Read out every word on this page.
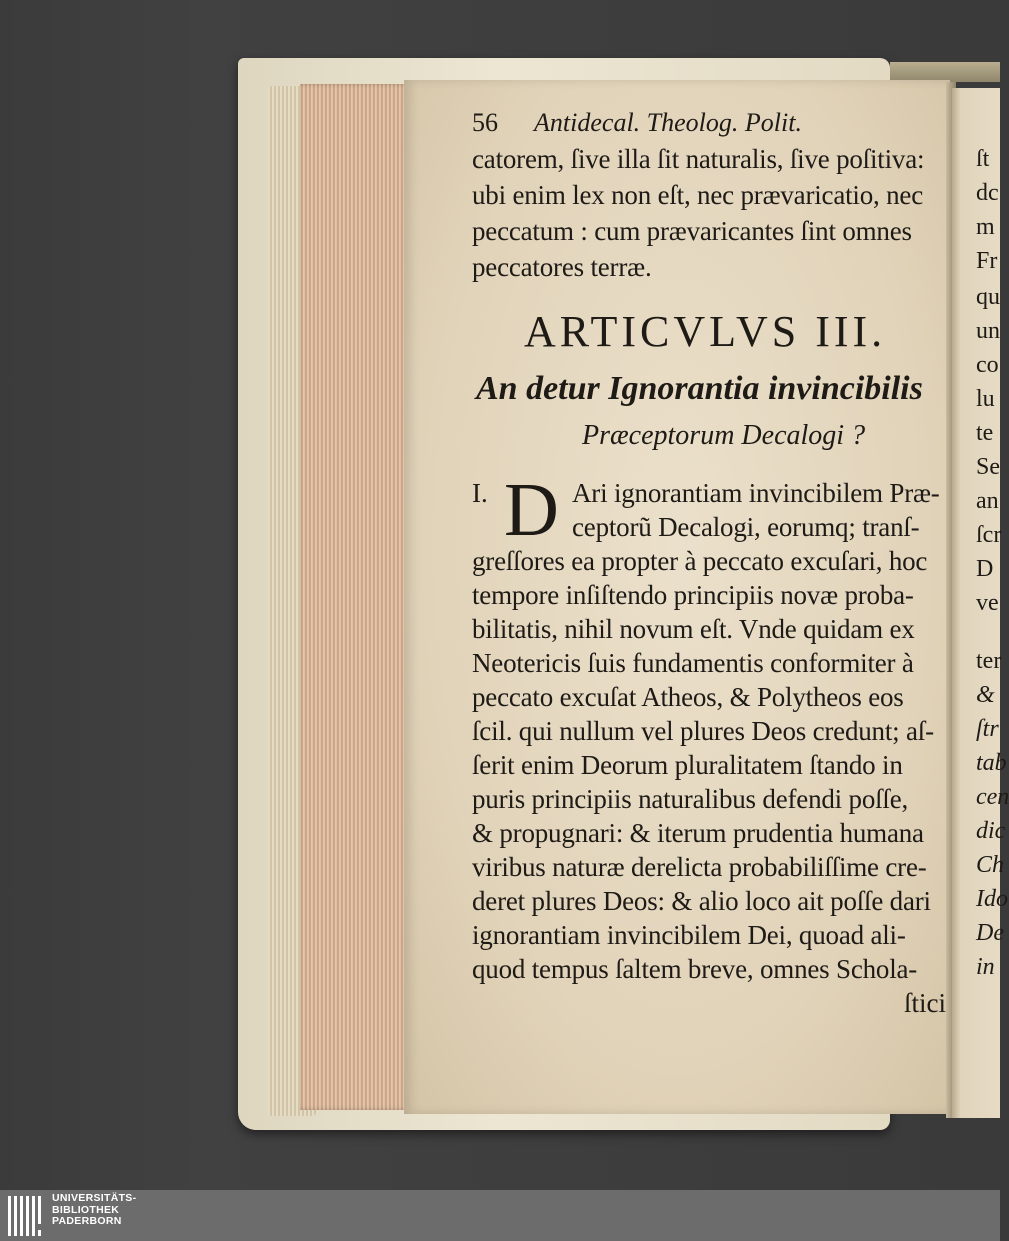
56 Antidecal. Theolog. Polit.
catorem, ſive illa ſit naturalis, ſive poſitiva:
ubi enim lex non eſt, nec prævaricatio, nec
peccatum : cum prævaricantes ſint omnes
peccatores terræ.
ARTICVLVS III.
An detur Ignorantia invincibilis
Præceptorum Decalogi ?
I. D Ari ignorantiam invincibilem Præ-
ceptorũ Decalogi, eorumq; tranſ-
greſſores ea propter à peccato excuſari, hoc
tempore inſiſtendo principiis novæ proba-
bilitatis, nihil novum eſt. Vnde quidam ex
Neotericis ſuis fundamentis conformiter à
peccato excuſat Atheos, & Polytheos eos
ſcil. qui nullum vel plures Deos credunt; aſ-
ſerit enim Deorum pluralitatem ſtando in
puris principiis naturalibus defendi poſſe,
& propugnari: & iterum prudentia humana
viribus naturæ derelicta probabiliſſime cre-
deret plures Deos: & alio loco ait poſſe dari
ignorantiam invincibilem Dei, quoad ali-
quod tempus ſaltem breve, omnes Schola-
ſtici
ſt
dc
m
Fr
qu
un
co
lu
te
Se
an
ſcr
D
ve
ter
&
ſtr
tab
cen
dic
Ch
Ido
De
in
UNIVERSITÄTS-
BIBLIOTHEK
PADERBORN
